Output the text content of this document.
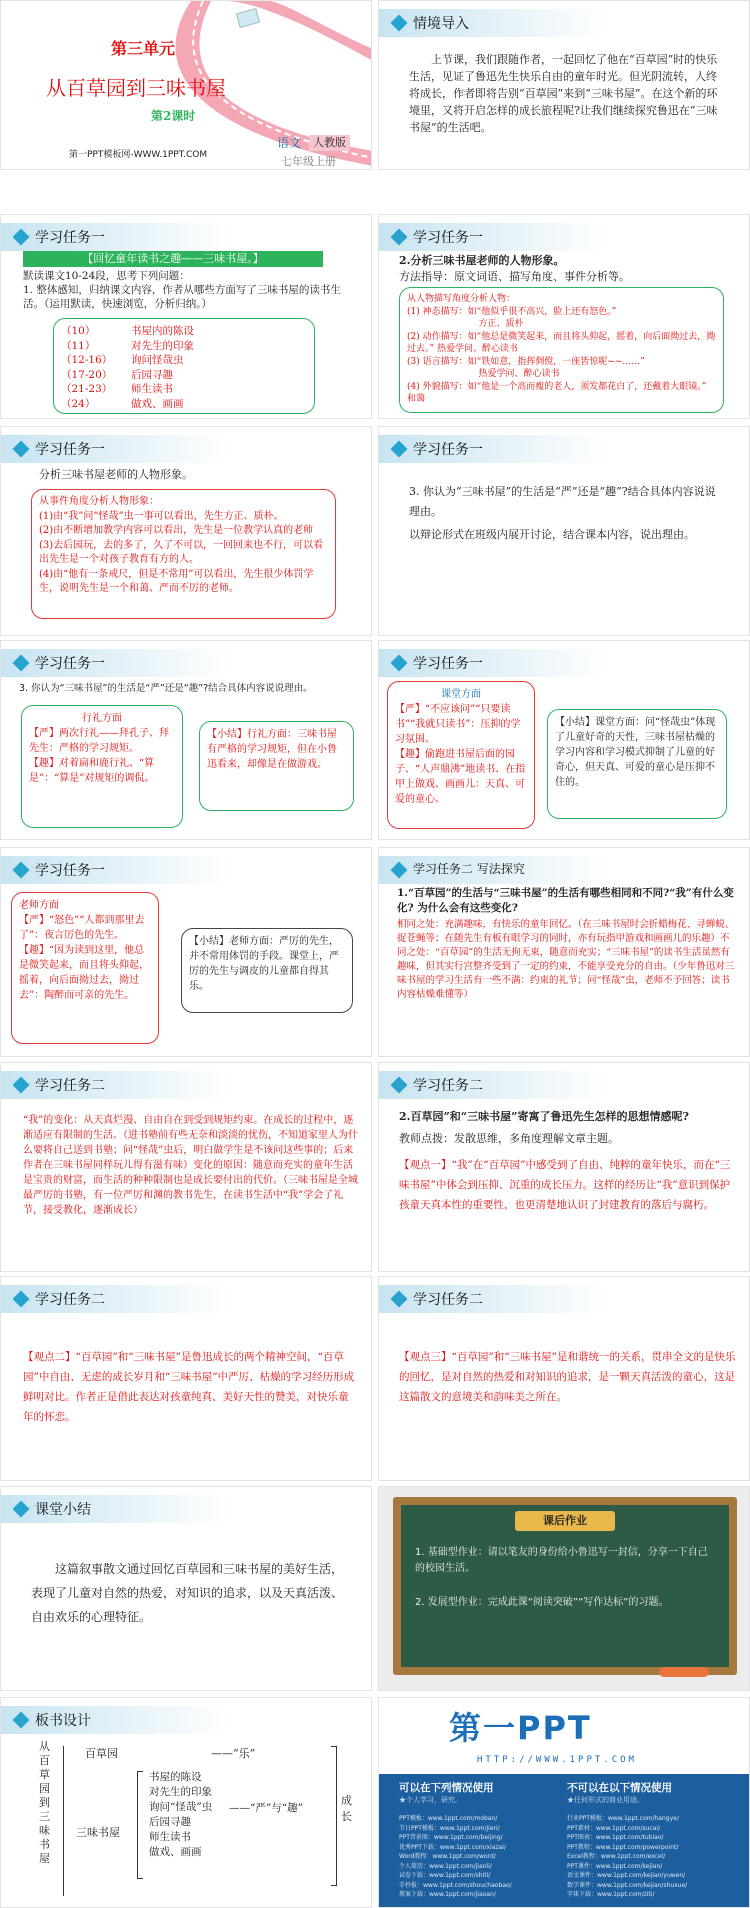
第三单元
从百草园到三味书屋
第2课时
第一PPT模板网-WWW.1PPT.COM
语文	人教版
七年级上册
情境导入
上节课，我们跟随作者，一起回忆了他在“百草园”时的快乐生活，见证了鲁迅先生快乐自由的童年时光。但光阴流转，人终将成长，作者即将告别“百草园”来到“三味书屋”。在这个新的环境里，又将开启怎样的成长旅程呢?让我们继续探究鲁迅在“三味书屋”的生活吧。
学习任务一
【回忆童年读书之趣——三味书屋。】
默读课文10-24段，思考下列问题：
1. 整体感知，归纳课文内容，作者从哪些方面写了三味书屋的读书生活。（运用默读，快速浏览，分析归纳。）
（10）	书屋内的陈设
（11）	对先生的印象
（12-16）	询问怪哉虫
（17-20）	后园寻趣
（21-23）	师生读书
（24）	做戏、画画
学习任务一
2.分析三味书屋老师的人物形象。
方法指导：原文词语、描写角度、事件分析等。
从人物描写角度分析人物：
(1) 神态描写：如“他似乎很不高兴，脸上还有怒色。”
方正、质朴
(2) 动作描写：如“他总是微笑起来，而且将头仰起，摇着，向后面拗过去，拗过去。” 热爱学问、醉心读书
(3) 语言描写：如“铁如意，指挥倜傥，一座皆惊呢~~……”
热爱学问、醉心读书
(4) 外貌描写：如“他是一个高而瘦的老人，须发都花白了，还戴着大眼镜。” 和蔼
学习任务一
分析三味书屋老师的人物形象。
从事件角度分析人物形象：
(1)由“我”问“怪哉”虫一事可以看出，先生方正、质朴。
(2)由不断增加教学内容可以看出，先生是一位教学认真的老师
(3)去后园玩，去的多了，久了不可以，一回回来也不行，可以看出先生是一个对孩子教育有方的人。
(4)由“他有一条戒尺，但是不常用”可以看出，先生很少体罚学生，说明先生是一个和蔼、严而不厉的老师。
学习任务一
3. 你认为“三味书屋”的生活是“严”还是“趣”?结合具体内容说说理由。
以辩论形式在班级内展开讨论，结合课本内容，说出理由。
学习任务一
3. 你认为“三味书屋”的生活是“严”还是“趣”?结合具体内容说说理由。
行礼方面
【严】两次行礼——拜孔子、拜先生：严格的学习规矩。
【趣】对着扁和鹿行礼、“算是”：“算是”对规矩的调侃。
【小结】行礼方面：三味书屋有严格的学习规矩，但在小鲁迅看来，却像是在做游戏。
学习任务一
课堂方面
【严】“不应该问”“只要读书”“我就只读书”：压抑的学习氛围。
【趣】偷跑进书屋后面的园子、“人声鼎沸”地读书、在指甲上做戏、画画儿：天真、可爱的童心。
【小结】课堂方面：问“怪哉虫”体现了儿童好奇的天性，三味书屋枯燥的学习内容和学习模式抑制了儿童的好奇心，但天真、可爱的童心是压抑不住的。
学习任务一
老师方面
【严】“怒色”“人都到那里去了”：夜言厉色的先生。
【趣】“因为读到这里，他总是微笑起来，而且将头仰起，摇着，向后面拗过去，拗过去”：陶醉而可亲的先生。
【小结】老师方面：严厉的先生，并不常用体罚的手段。课堂上，严厉的先生与调皮的儿童都自得其乐。
学习任务二 写法探究
1.“百草园”的生活与“三味书屋”的生活有哪些相同和不同?“我”有什么变化? 为什么会有这些变化?
相同之处：充满趣味，有快乐的童年回忆。（在三味书屋时会折蜡梅花、寻蝉蜕、捉苍蝇等；在随先生有板有眼学习的同时，亦有玩指甲游戏和画画儿的乐趣）不同之处：“百草园”的生活无拘无束，随意而充实；“三味书屋”的读书生活虽然有趣味，但其实行宫整齐受到了一定的约束，不能享受充分的自由。（少年鲁迅对三味书屋的学习生活有一些不满：约束的礼节；问“怪哉”虫，老师不予回答；读书内容枯燥难懂等）
学习任务二
“我”的变化：从天真烂漫、自由自在到受到规矩约束。在成长的过程中，逐渐适应有限制的生活。（进书塾前有些无奈和淡淡的忧伤，不知道家里人为什么要将自己送到书塾；问“怪哉”虫后，明白做学生是不该问这些事的；后来作者在三味书屋同样玩儿得有滋有味）变化的原因：随意而充实的童年生活是宝贵的财富，而生活的种种限制也是成长要付出的代价。（三味书屋是全城最严厉的书塾，有一位严厉和渊的教书先生，在读书生活中“我”学会了礼节，接受教化，逐渐成长）
学习任务二
2.百草园”和“三味书屋”寄寓了鲁迅先生怎样的思想情感呢?
教师点拨：发散思维，多角度理解文章主题。
【观点一】“我”在“百草园”中感受到了自由、纯粹的童年快乐，而在“三味书屋”中体会到压抑、沉重的成长压力。这样的经历让“我”意识到保护孩童天真本性的重要性，也更清楚地认识了封建教育的落后与腐朽。
学习任务二
【观点二】“百草园”和“三味书屋”是鲁迅成长的两个精神空间，“百草园”中自由、无虑的成长岁月和“三味书屋”中严厉、枯燥的学习经历形成鲜明对比。作者正是借此表达对孩童纯真、美好天性的赞美，对快乐童年的怀恋。
学习任务二
【观点三】“百草园”和“三味书屋”是和谐统一的关系，贯串全文的是快乐的回忆，是对自然的热爱和对知识的追求，是一颗天真活泼的童心，这是这篇散文的意境美和韵味美之所在。
课堂小结
这篇叙事散文通过回忆百草园和三味书屋的美好生活，表现了儿童对自然的热爱，对知识的追求，以及天真活泼、自由欢乐的心理特征。
课后作业
1. 基础型作业：请以笔友的身份给小鲁迅写一封信，分享一下自己的校园生活。
2. 发展型作业：完成此课“阅读突破”“写作达标”的习题。
板书设计
从百草园到三味书屋
百草园	——“乐”
三味书屋
书屋的陈设
对先生的印象
询问“怪哉”虫
后园寻趣
师生读书
做戏、画画
——“严”与“趣”
成长
第一PPT
HTTP://WWW.1PPT.COM
可以在下列情况使用	不可以在以下情况使用
★个人学习，研究。	★任何形式的商业用途。
PPT模板：www.1ppt.com/moban/
节日PPT模板：www.1ppt.com/jieri/
PPT背景图：www.1ppt.com/beijing/
优秀PPT下载：www.1ppt.com/xiazai/
Word教程：www.1ppt.com/word/
个人简历：www.1ppt.com/jianli/
试卷下载：www.1ppt.com/shiti/
手抄报：www.1ppt.com/shouchaobao/
教案下载：www.1ppt.com/jiaoan/
行业PPT模板：www.1ppt.com/hangye/
PPT素材：www.1ppt.com/sucai/
PPT图表：www.1ppt.com/tubiao/
PPT教程：www.1ppt.com/powerpoint/
Excel教程：www.1ppt.com/excel/
PPT课件：www.1ppt.com/kejian/
语文课件：www.1ppt.com/kejian/yuwen/
数学课件：www.1ppt.com/kejian/shuxue/
字体下载：www.1ppt.com/ziti/
